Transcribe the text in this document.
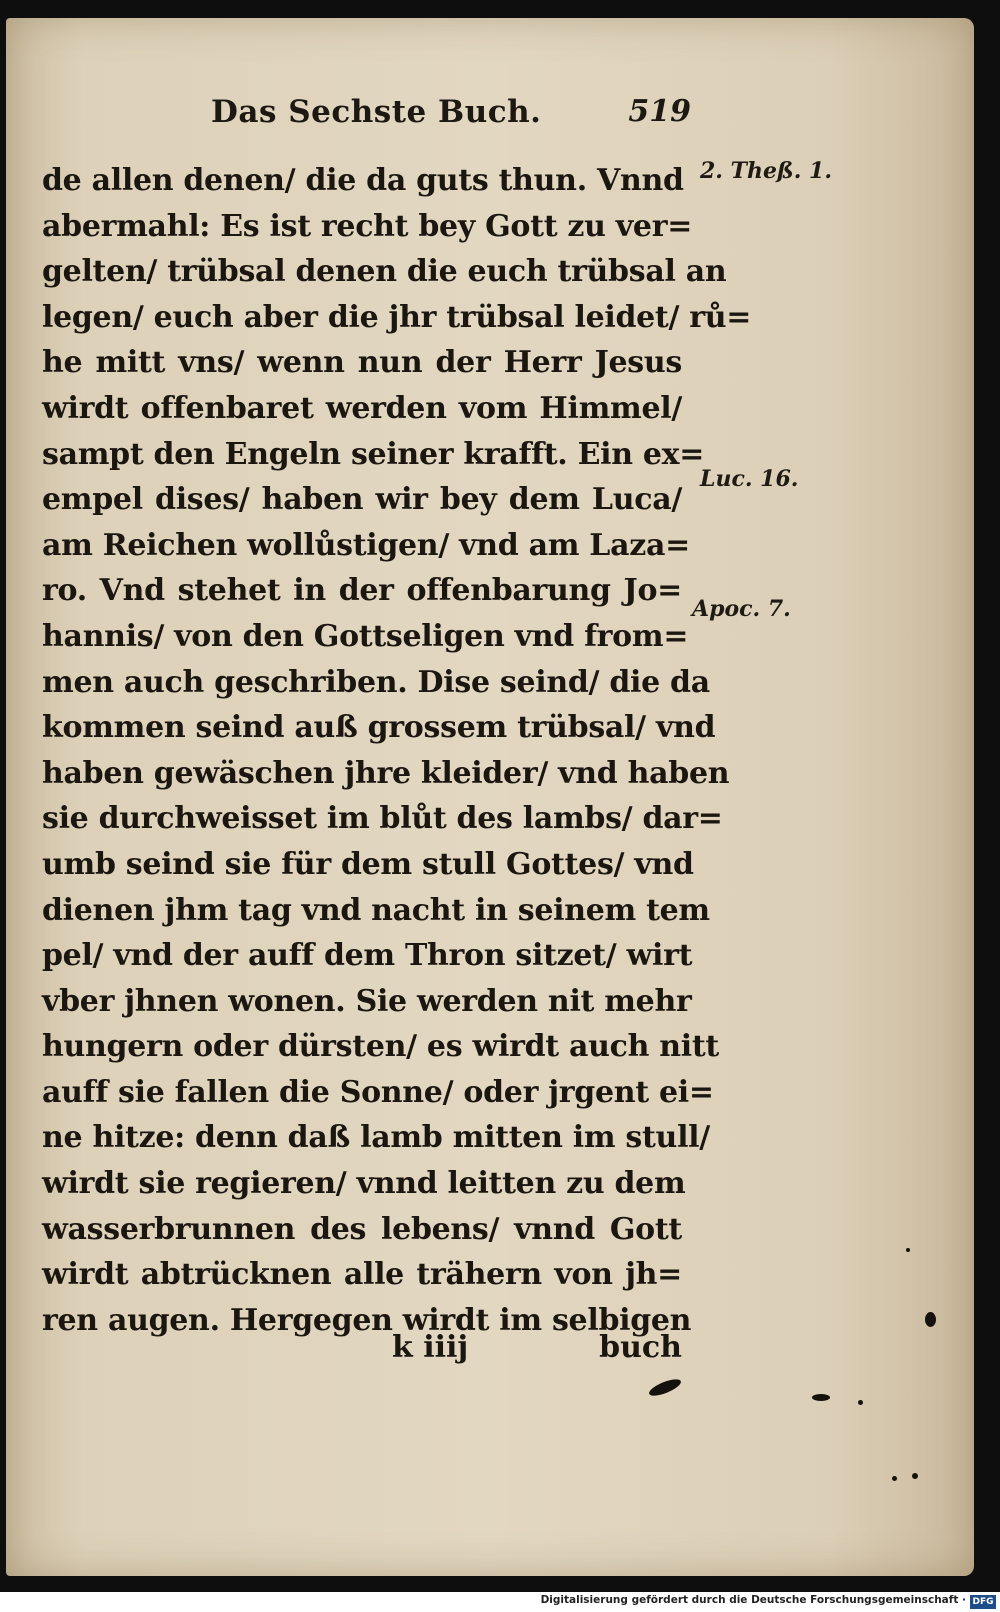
Das Sechste Buch.	519
de allen denen/ die da guts thun. Vnnd
abermahl: Es ist recht bey Gott zu ver=
gelten/ trübsal denen die euch trübsal an
legen/ euch aber die jhr trübsal leidet/ rů=
he mitt vns/ wenn nun der Herr Jesus
wirdt offenbaret werden vom Himmel/
sampt den Engeln seiner krafft. Ein ex=
empel dises/ haben wir bey dem Luca/
am Reichen wollůstigen/ vnd am Laza=
ro. Vnd stehet in der offenbarung Jo=
hannis/ von den Gottseligen vnd from=
men auch geschriben. Dise seind/ die da
kommen seind auß grossem trübsal/ vnd
haben gewäschen jhre kleider/ vnd haben
sie durchweisset im blůt des lambs/ dar=
umb seind sie für dem stull Gottes/ vnd
dienen jhm tag vnd nacht in seinem tem
pel/ vnd der auff dem Thron sitzet/ wirt
vber jhnen wonen. Sie werden nit mehr
hungern oder dürsten/ es wirdt auch nitt
auff sie fallen die Sonne/ oder jrgent ei=
ne hitze: denn daß lamb mitten im stull/
wirdt sie regieren/ vnnd leitten zu dem
wasserbrunnen des lebens/ vnnd Gott
wirdt abtrücknen alle trähern von jh=
ren augen. Hergegen wirdt im selbigen
2. Theß. 1.
Luc. 16.
Apoc. 7.
k iiij	buch
Digitalisierung gefördert durch die Deutsche Forschungsgemeinschaft · DFG
